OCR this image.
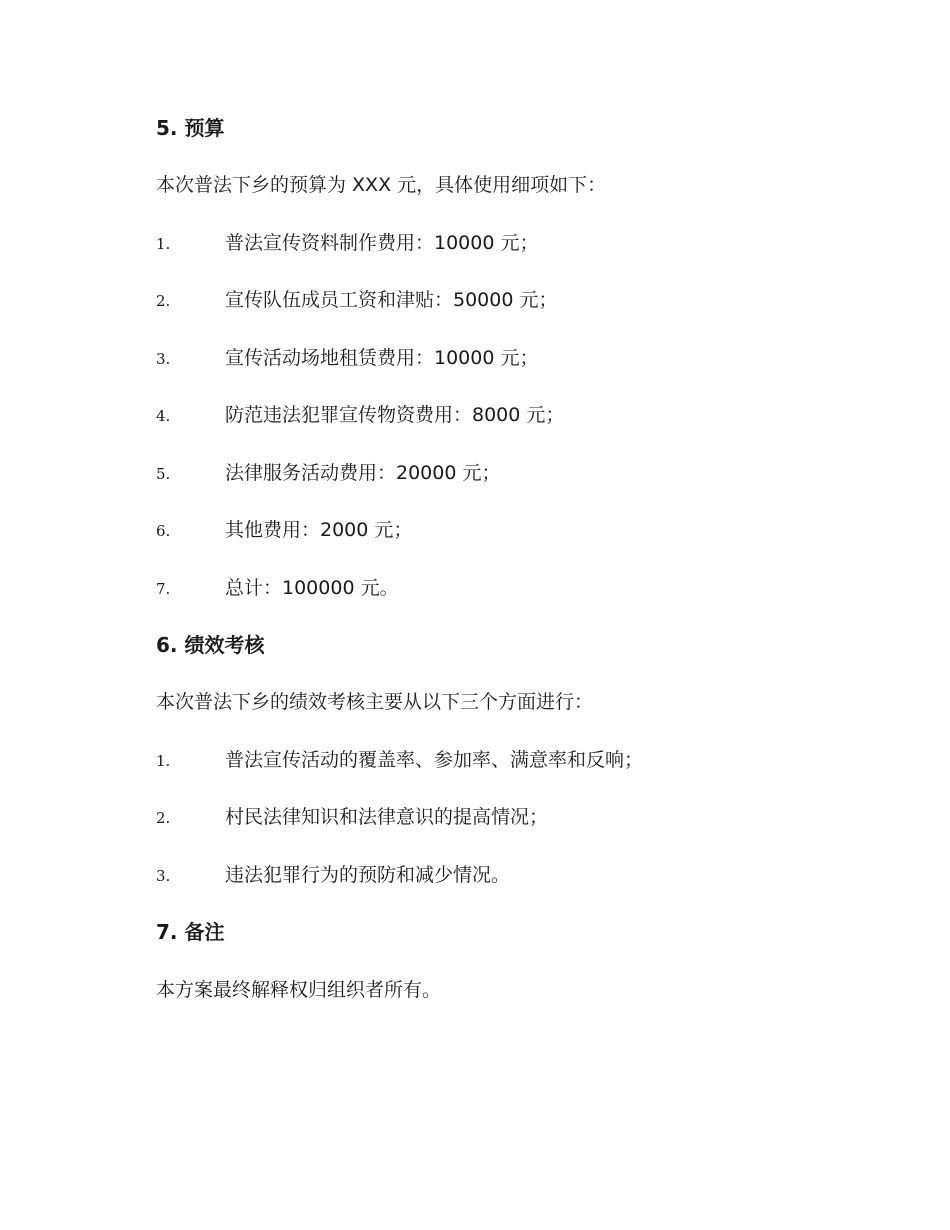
5. 预算
本次普法下乡的预算为 XXX 元，具体使用细项如下：
1.	普法宣传资料制作费用：10000 元；
2.	宣传队伍成员工资和津贴：50000 元；
3.	宣传活动场地租赁费用：10000 元；
4.	防范违法犯罪宣传物资费用：8000 元；
5.	法律服务活动费用：20000 元；
6.	其他费用：2000 元；
7.	总计：100000 元。
6. 绩效考核
本次普法下乡的绩效考核主要从以下三个方面进行：
1.	普法宣传活动的覆盖率、参加率、满意率和反响；
2.	村民法律知识和法律意识的提高情况；
3.	违法犯罪行为的预防和减少情况。
7. 备注
本方案最终解释权归组织者所有。
